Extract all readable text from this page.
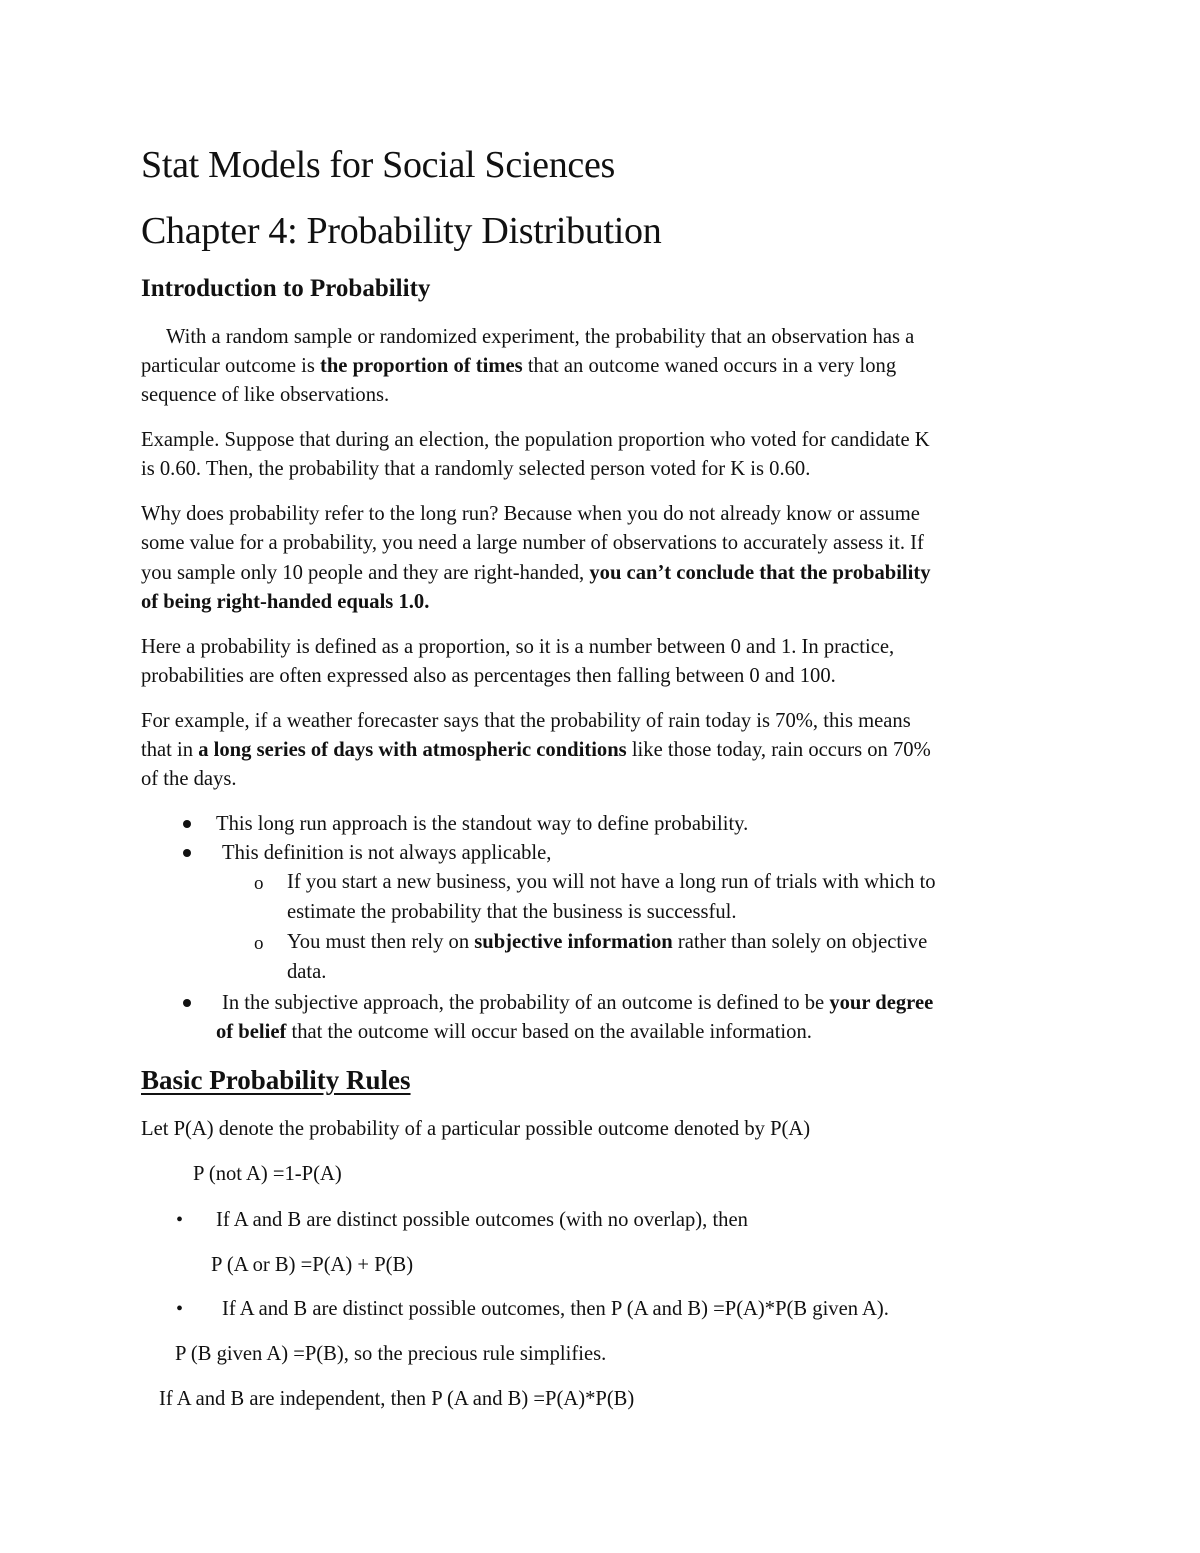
Stat Models for Social Sciences
Chapter 4: Probability Distribution
Introduction to Probability
With a random sample or randomized experiment, the probability that an observation has a
particular outcome is the proportion of times that an outcome waned occurs in a very long
sequence of like observations.
Example. Suppose that during an election, the population proportion who voted for candidate K
is 0.60. Then, the probability that a randomly selected person voted for K is 0.60.
Why does probability refer to the long run? Because when you do not already know or assume
some value for a probability, you need a large number of observations to accurately assess it. If
you sample only 10 people and they are right-handed, you can’t conclude that the probability
of being right-handed equals 1.0.
Here a probability is defined as a proportion, so it is a number between 0 and 1. In practice,
probabilities are often expressed also as percentages then falling between 0 and 100.
For example, if a weather forecaster says that the probability of rain today is 70%, this means
that in a long series of days with atmospheric conditions like those today, rain occurs on 70%
of the days.
This long run approach is the standout way to define probability.
This definition is not always applicable,
o If you start a new business, you will not have a long run of trials with which to
estimate the probability that the business is successful.
o You must then rely on subjective information rather than solely on objective
data.
In the subjective approach, the probability of an outcome is defined to be your degree
of belief that the outcome will occur based on the available information.
Basic Probability Rules
Let P(A) denote the probability of a particular possible outcome denoted by P(A)
P (not A) =1-P(A)
• If A and B are distinct possible outcomes (with no overlap), then
P (A or B) =P(A) + P(B)
• If A and B are distinct possible outcomes, then P (A and B) =P(A)*P(B given A).
P (B given A) =P(B), so the precious rule simplifies.
If A and B are independent, then P (A and B) =P(A)*P(B)
